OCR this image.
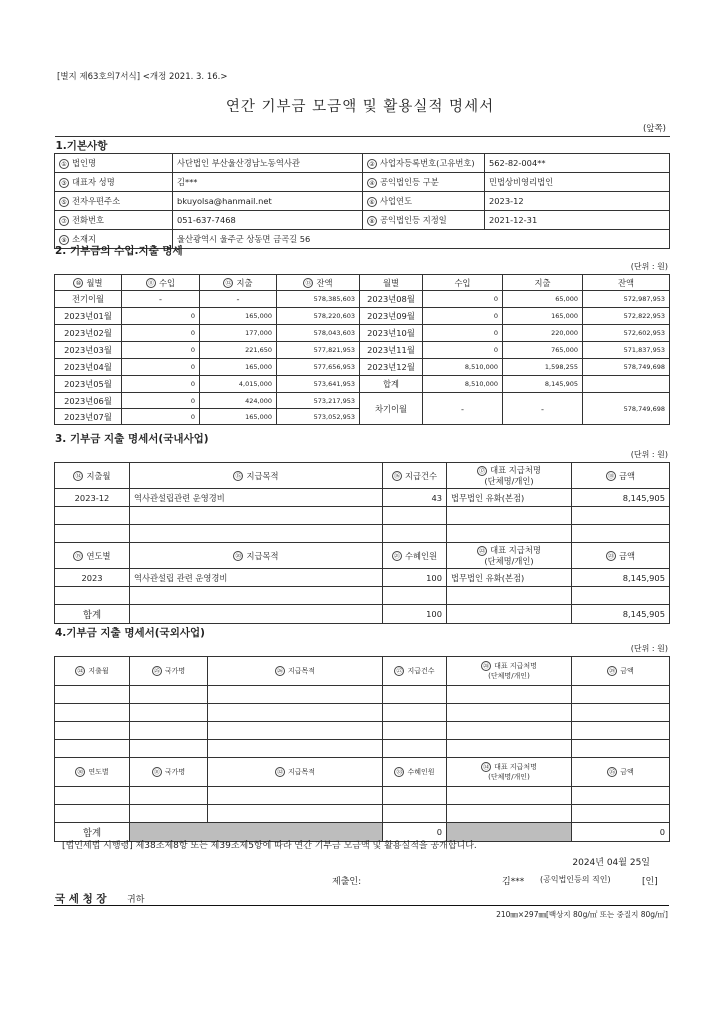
[별지 제63호의7서식] <개정 2021. 3. 16.>
연간 기부금 모금액 및 활용실적 명세서
(앞쪽)
1.기본사항			
① 법인명	사단법인 부산울산경남노동역사관	② 사업자등록번호(고유번호)	562-82-004**
③ 대표자 성명	김***	④ 공익법인등 구분	민법상비영리법인
⑤ 전자우편주소	bkuyolsa@hanmail.net	⑥ 사업연도	2023-12
⑦ 전화번호	051-637-7468	⑧ 공익법인등 지정일	2021-12-31
⑨ 소재지	울산광역시 울주군 상동면 금곡길 56		
2. 기부금의 수입.지출 명세
(단위 : 원)
⑩ 월별	⑪ 수입	⑫ 지출	⑬ 잔액	월별	수입	지출	잔액
전기이월	-	-	578,385,603	2023년08월	0	65,000	572,987,953
2023년01월	0	165,000	578,220,603	2023년09월	0	165,000	572,822,953
2023년02월	0	177,000	578,043,603	2023년10월	0	220,000	572,602,953
2023년03월	0	221,650	577,821,953	2023년11월	0	765,000	571,837,953
2023년04월	0	165,000	577,656,953	2023년12월	8,510,000	1,598,255	578,749,698
2023년05월	0	4,015,000	573,641,953	합계	8,510,000	8,145,905	
2023년06월	0	424,000	573,217,953	차기이월	-	-	578,749,698
2023년07월	0	165,000	573,052,953				
3. 기부금 지출 명세서(국내사업)
(단위 : 원)
⑭ 지출월	⑮ 지급목적	⑯ 지급건수	⑰ 대표 지급처명
(단체명/개인)	⑱ 금액
2023-12	역사관설립관련 운영경비	43	법무법인 유화(본점)	8,145,905

⑲ 연도별	⑳ 지급목적	㉑ 수혜인원	㉒ 대표 지급처명
(단체명/개인)	㉓ 금액
2023	역사관설립 관련 운영경비	100	법무법인 유화(본점)	8,145,905

합계		100		8,145,905
4.기부금 지출 명세서(국외사업)
(단위 : 원)
㉔ 지출월	㉕ 국가명	㉖ 지급목적	㉗ 지급건수	㉘ 대표 지급처명
(단체명/개인)	㉙ 금액

㉚ 연도별	㉛ 국가명	㉜ 지급목적	㉝ 수혜인원	㉞ 대표 지급처명
(단체명/개인)	㉟ 금액

합계			0		0
[법인세법 시행령] 제38조제8항 또는 제39조제5항에 따라 연간 기부금 모금액 및 활용실적을 공개합니다.
2024년 04월 25일
제출인:	김*** (공익법인등의 직인)	[인]
국 세 청 장 귀하
210㎜×297㎜[백상지 80g/㎡ 또는 중질지 80g/㎡]
